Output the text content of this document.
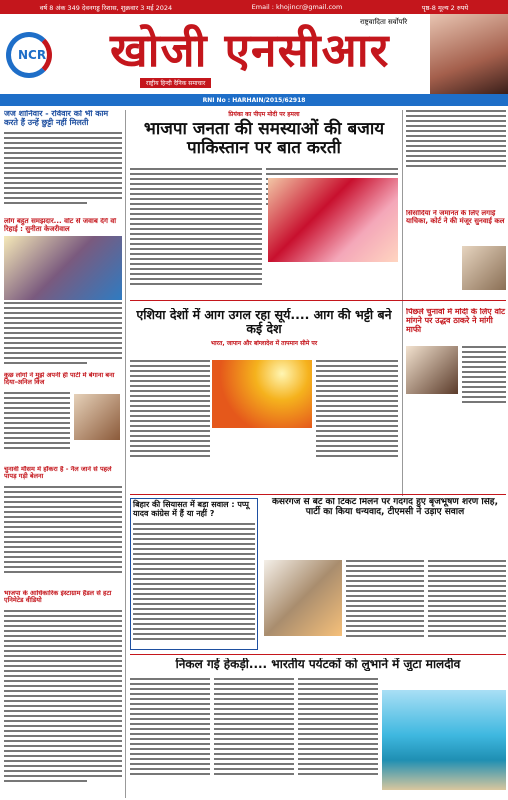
वर्ष 8 अंक 349 देवनगड्ड रिशास, शुक्रवार 3 मई 2024	Email : khojincr@gmail.com	पृष्ठ-8 मूल्य 2 रुपये
NCR खोजी एनसीआर
राष्ट्रवादिता सर्वोपरि
राष्ट्रीय हिन्दी दैनिक समाचार
RNI No : HARHAIN/2015/62918
जज शानिवार - रविवार को भी काम करते हैं उन्हें छुट्टी नहीं मिलती
लोग बहुत समझदार... वोट से जवाब देंगे वो रिहाई : सुनीता केजरीवाल
कुछ लोगों ने मुझे अपनी ही पार्टी में बेगाना बना दिया-अनिल विज
चुनावी मौसम में हॉकरा है - नैल जाने से पहले पापड़ गड़ी बेलना
भाजपा के आधिकारिक इंस्टाग्राम हैंडल से हटा एनिमेटेड वीडियो
प्रियंका का पीएम मोदी पर हमला
भाजपा जनता की समस्याओं की बजाय पाकिस्तान पर बात करती
सिसोदिया ने जमानत के लिए लगाई याचिका, कोर्ट ने की मंजूर सुनवाई कल
एशिया देशों में आग उगल रहा सूर्य.... आग की भट्टी बने कई देश
भारत, जापान और बांग्लादेश में तापमान सीमे पर
पिछले चुनावों में मोदी के लिए वोट मांगने पर उद्धव ठाकरे ने मांगी माफी
बिहार की सियासत में बड़ा सवाल : पप्पू यादव कांग्रेस में हैं या नहीं ?
कैसरगंज से बेटे को टिकट मिलने पर गदगद हुए बृजभूषण शरण सिंह, पार्टी का किया धन्यवाद, टीएमसी ने उड़ाए सवाल
निकल गई हेकड़ी.... भारतीय पर्यटकों को लुभाने में जुटा मालदीव
